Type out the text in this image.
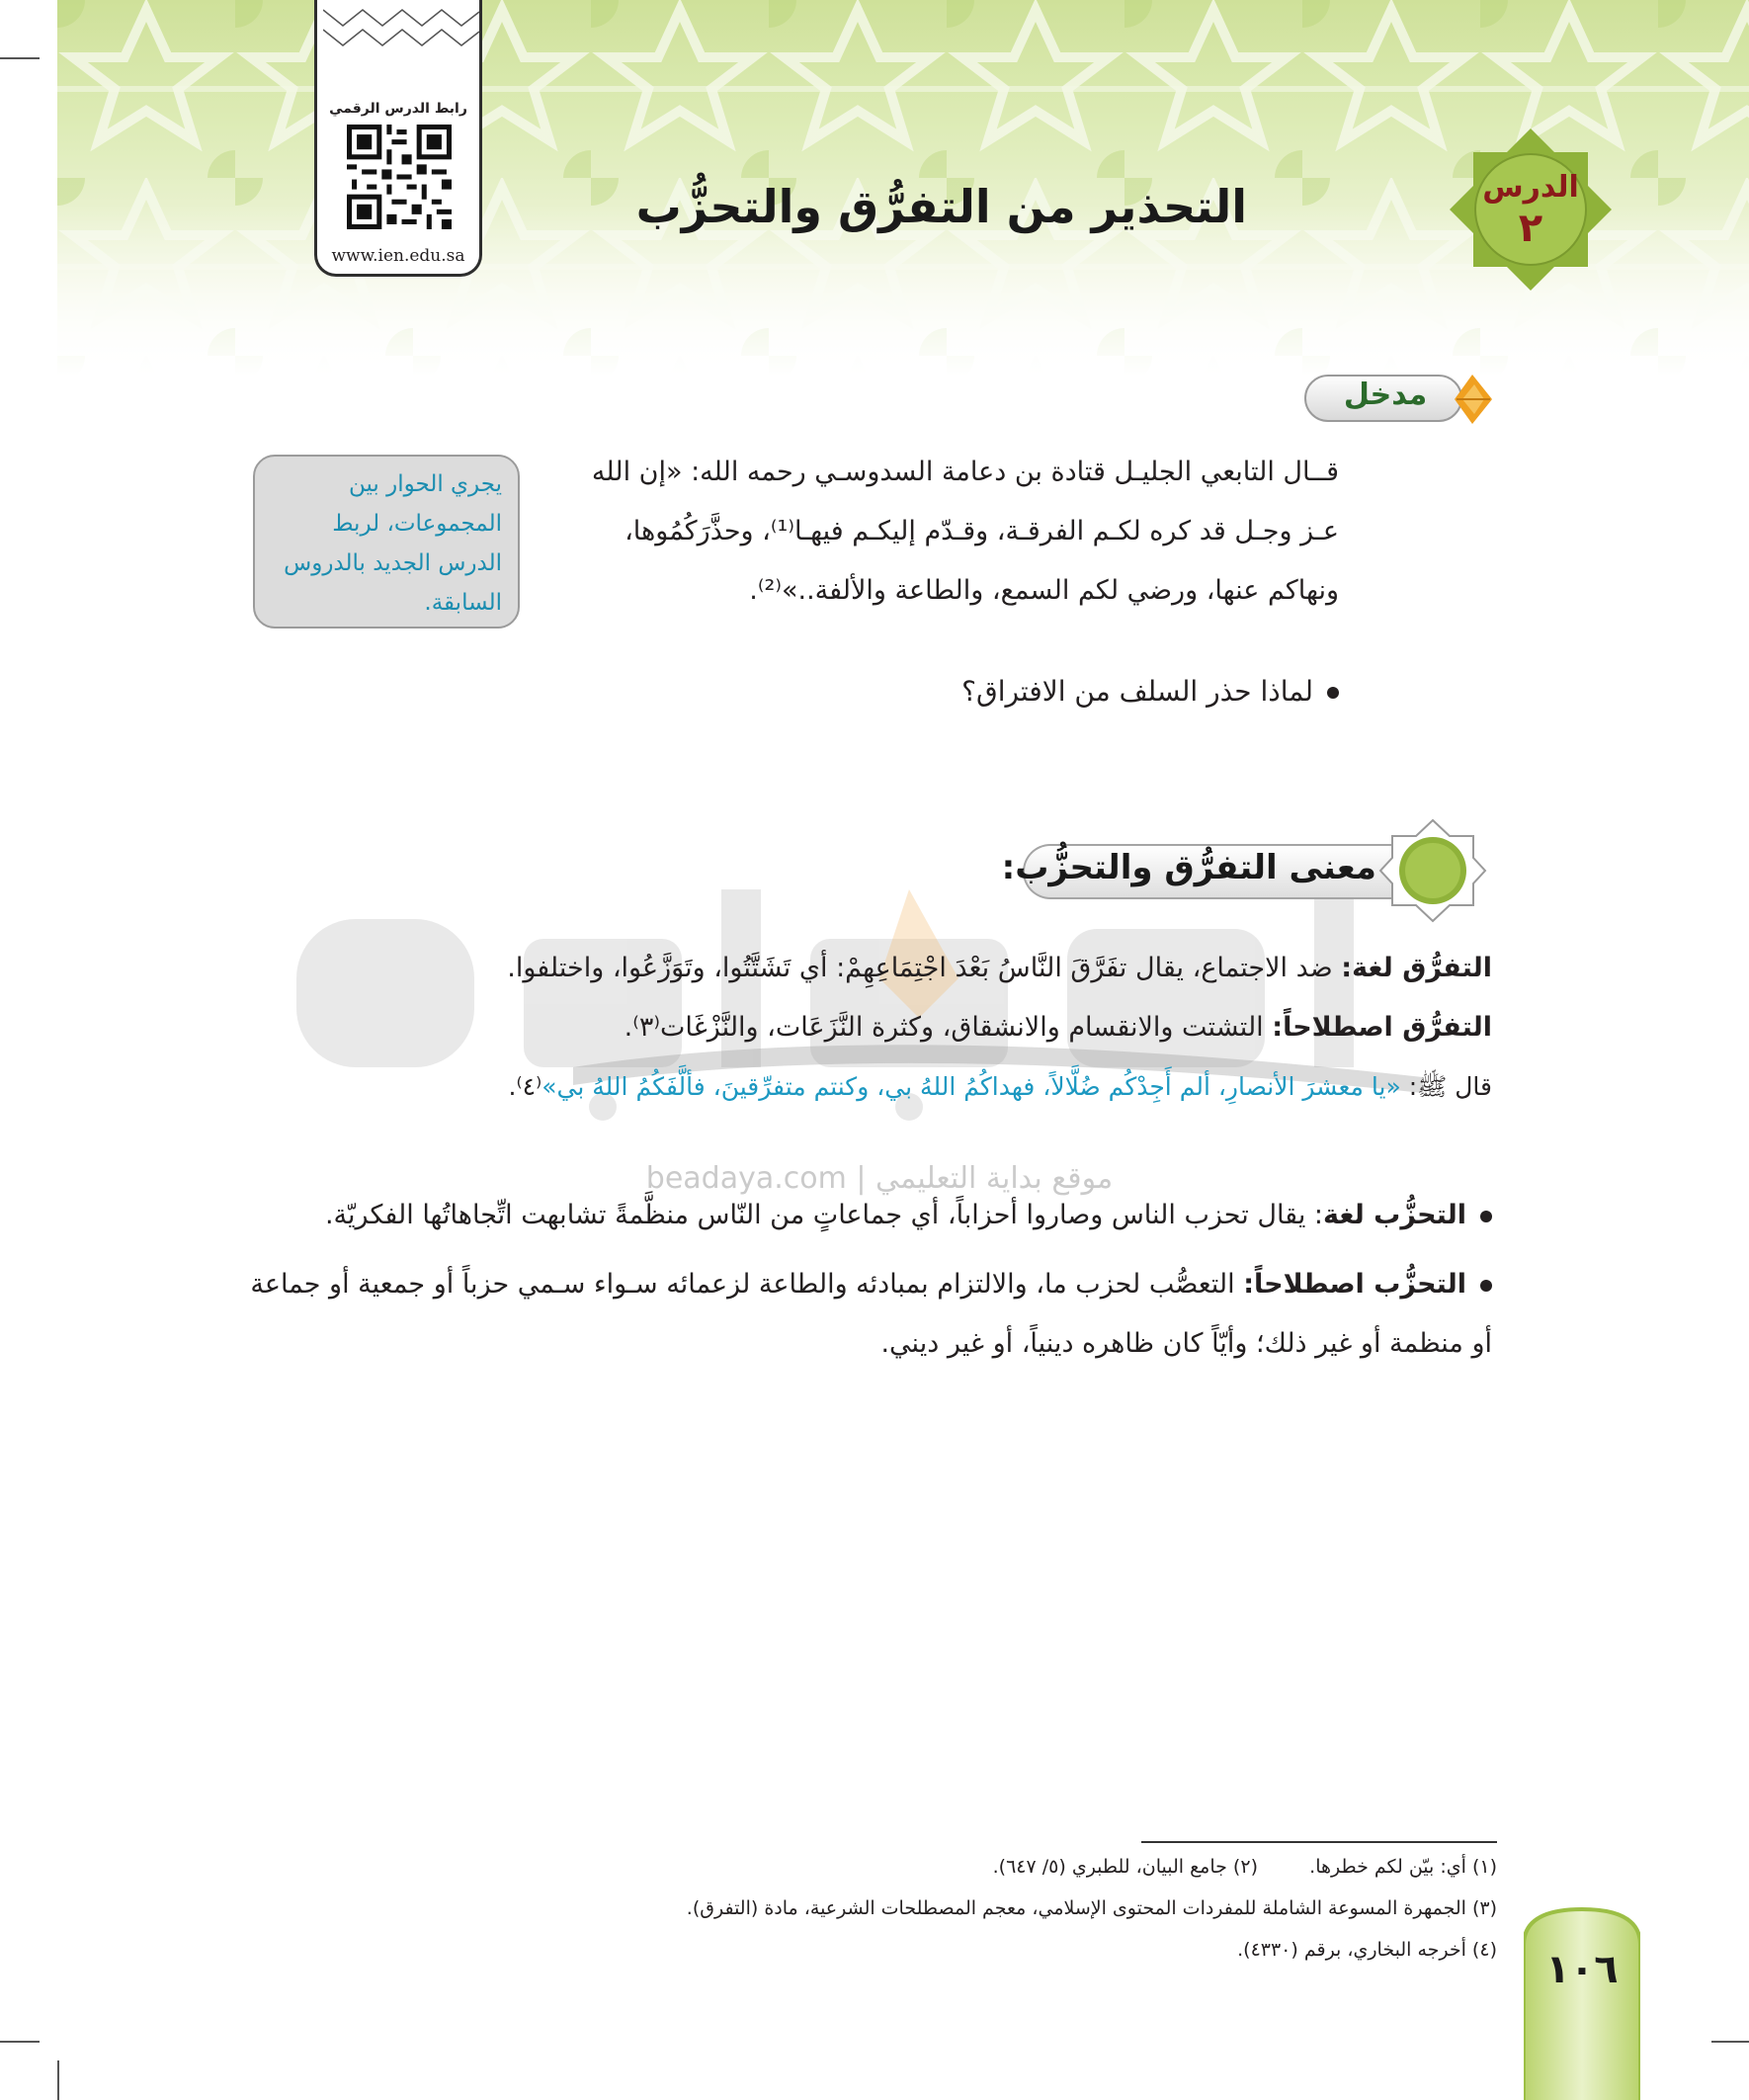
رابط الدرس الرقمي
www.ien.edu.sa
التحذير من التفرُّق والتحزُّب	الدرس
٢
مدخل
يجري الحوار بين المجموعات، لربط الدرس الجديد بالدروس السابقة.
قــال التابعي الجليـل قتادة بن دعامة السدوسـي رحمه الله: «إن الله
عـز وجـل قد كره لكـم الفرقـة، وقـدّم إليكـم فيهـا⁽¹⁾، وحذَّرَكُمُوها،
ونهاكم عنها، ورضي لكم السمع، والطاعة والألفة..»⁽²⁾.
لماذا حذر السلف من الافتراق؟
beadaya.com | موقع بداية التعليمي
معنى التفرُّق والتحزُّب:
التفرُّق لغة: ضد الاجتماع، يقال تفَرَّقَ النَّاسُ بَعْدَ اجْتِمَاعِهِمْ: أي تَشَتَّتُوا، وتَوَزَّعُوا، واختلفوا.
التفرُّق اصطلاحاً: التشتت والانقسام والانشقاق، وكثرة النَّزَعَات، والنَّزْغَات⁽٣⁾.
قال ﷺ: «يا معشرَ الأنصارِ، ألم أَجِدْكُم ضُلَّالاً، فهداكُمُ اللهُ بي، وكنتم متفرِّقينَ، فألَّفَكُمُ اللهُ بي»⁽٤⁾.
التحزُّب لغة: يقال تحزب الناس وصاروا أحزاباً، أي جماعاتٍ من النّاس منظَّمةً تشابهت اتِّجاهاتُها الفكريّة.
التحزُّب اصطلاحاً: التعصُّب لحزب ما، والالتزام بمبادئه والطاعة لزعمائه سـواء سـمي حزباً أو جمعية أو جماعة أو منظمة أو غير ذلك؛ وأيّاً كان ظاهره دينياً، أو غير ديني.
(١) أي: بيّن لكم خطرها.
(٢) جامع البيان، للطبري (٥/ ٦٤٧).
(٣) الجمهرة المسوعة الشاملة للمفردات المحتوى الإسلامي، معجم المصطلحات الشرعية، مادة (التفرق).
(٤) أخرجه البخاري، برقم (٤٣٣٠).	١٠٦
